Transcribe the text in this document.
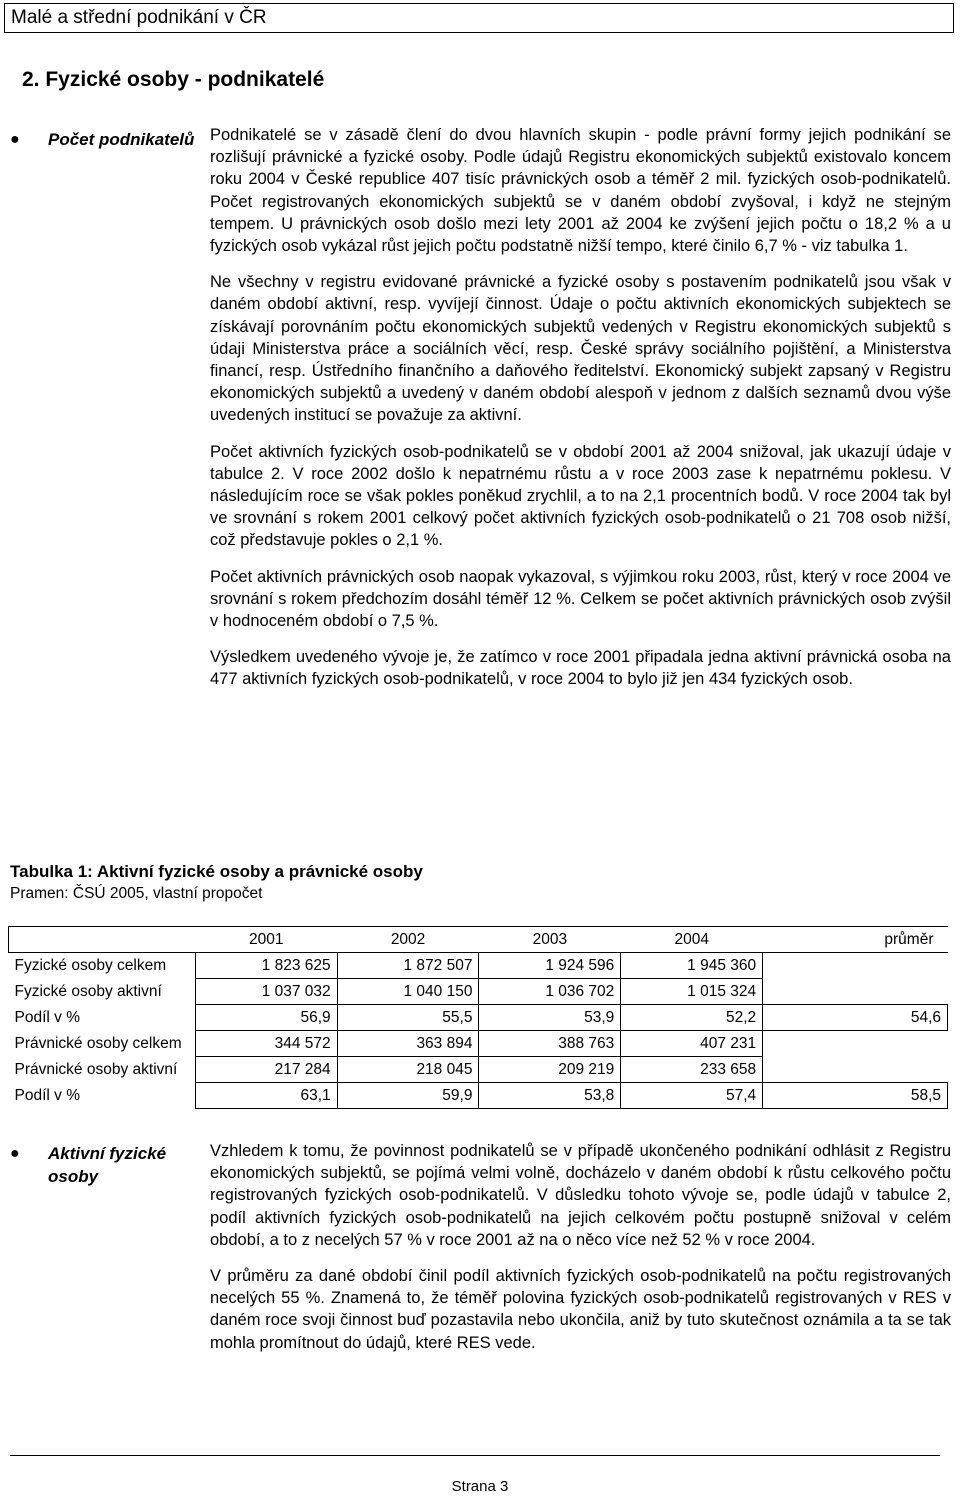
Malé a střední podnikání v ČR
2. Fyzické osoby - podnikatelé
●	Počet podnikatelů Podnikatelé se v zásadě člení do dvou hlavních skupin - podle právní formy jejich podnikání se rozlišují právnické a fyzické osoby. Podle údajů Registru ekonomických subjektů existovalo koncem roku 2004 v České republice 407 tisíc právnických osob a téměř 2 mil. fyzických osob-podnikatelů. Počet registrovaných ekonomických subjektů se v daném období zvyšoval, i když ne stejným tempem. U právnických osob došlo mezi lety 2001 až 2004 ke zvýšení jejich počtu o 18,2 % a u fyzických osob vykázal růst jejich počtu podstatně nižší tempo, které činilo 6,7 % - viz tabulka 1.

Ne všechny v registru evidované právnické a fyzické osoby s postavením podnikatelů jsou však v daném období aktivní, resp. vyvíjejí činnost. Údaje o počtu aktivních ekonomických subjektech se získávají porovnáním počtu ekonomických subjektů vedených v Registru ekonomických subjektů s údaji Ministerstva práce a sociálních věcí, resp. České správy sociálního pojištění, a Ministerstva financí, resp. Ústředního finančního a daňového ředitelství. Ekonomický subjekt zapsaný v Registru ekonomických subjektů a uvedený v daném období alespoň v jednom z dalších seznamů dvou výše uvedených institucí se považuje za aktivní.

Počet aktivních fyzických osob-podnikatelů se v období 2001 až 2004 snižoval, jak ukazují údaje v tabulce 2. V roce 2002 došlo k nepatrnému růstu a v roce 2003 zase k nepatrnému poklesu. V následujícím roce se však pokles poněkud zrychlil, a to na 2,1 procentních bodů. V roce 2004 tak byl ve srovnání s rokem 2001 celkový počet aktivních fyzických osob-podnikatelů o 21 708 osob nižší, což představuje pokles o 2,1 %.

Počet aktivních právnických osob naopak vykazoval, s výjimkou roku 2003, růst, který v roce 2004 ve srovnání s rokem předchozím dosáhl téměř 12 %. Celkem se počet aktivních právnických osob zvýšil v hodnoceném období o 7,5 %.

Výsledkem uvedeného vývoje je, že zatímco v roce 2001 připadala jedna aktivní právnická osoba na 477 aktivních fyzických osob-podnikatelů, v roce 2004 to bylo již jen 434 fyzických osob.

Tabulka 1: Aktivní fyzické osoby a právnické osoby
Pramen: ČSÚ 2005, vlastní propočet
	2001	2002	2003	2004	průměr
Fyzické osoby celkem	1 823 625	1 872 507	1 924 596	1 945 360	
Fyzické osoby aktivní	1 037 032	1 040 150	1 036 702	1 015 324	
Podíl v %	56,9	55,5	53,9	52,2	54,6
Právnické osoby celkem	344 572	363 894	388 763	407 231	
Právnické osoby aktivní	217 284	218 045	209 219	233 658	
Podíl v %	63,1	59,9	53,8	57,4	58,5
●	Aktivní fyzické osoby

Vzhledem k tomu, že povinnost podnikatelů se v případě ukončeného podnikání odhlásit z Registru ekonomických subjektů, se pojímá velmi volně, docházelo v daném období k růstu celkového počtu registrovaných fyzických osob-podnikatelů. V důsledku tohoto vývoje se, podle údajů v tabulce 2, podíl aktivních fyzických osob-podnikatelů na jejich celkovém počtu postupně snižoval v celém období, a to z necelých 57 % v roce 2001 až na o něco více než 52 % v roce 2004.

V průměru za dané období činil podíl aktivních fyzických osob-podnikatelů na počtu registrovaných necelých 55 %. Znamená to, že téměř polovina fyzických osob-podnikatelů registrovaných v RES v daném roce svoji činnost buď pozastavila nebo ukončila, aniž by tuto skutečnost oznámila a ta se tak mohla promítnout do údajů, které RES vede.

Strana 3
